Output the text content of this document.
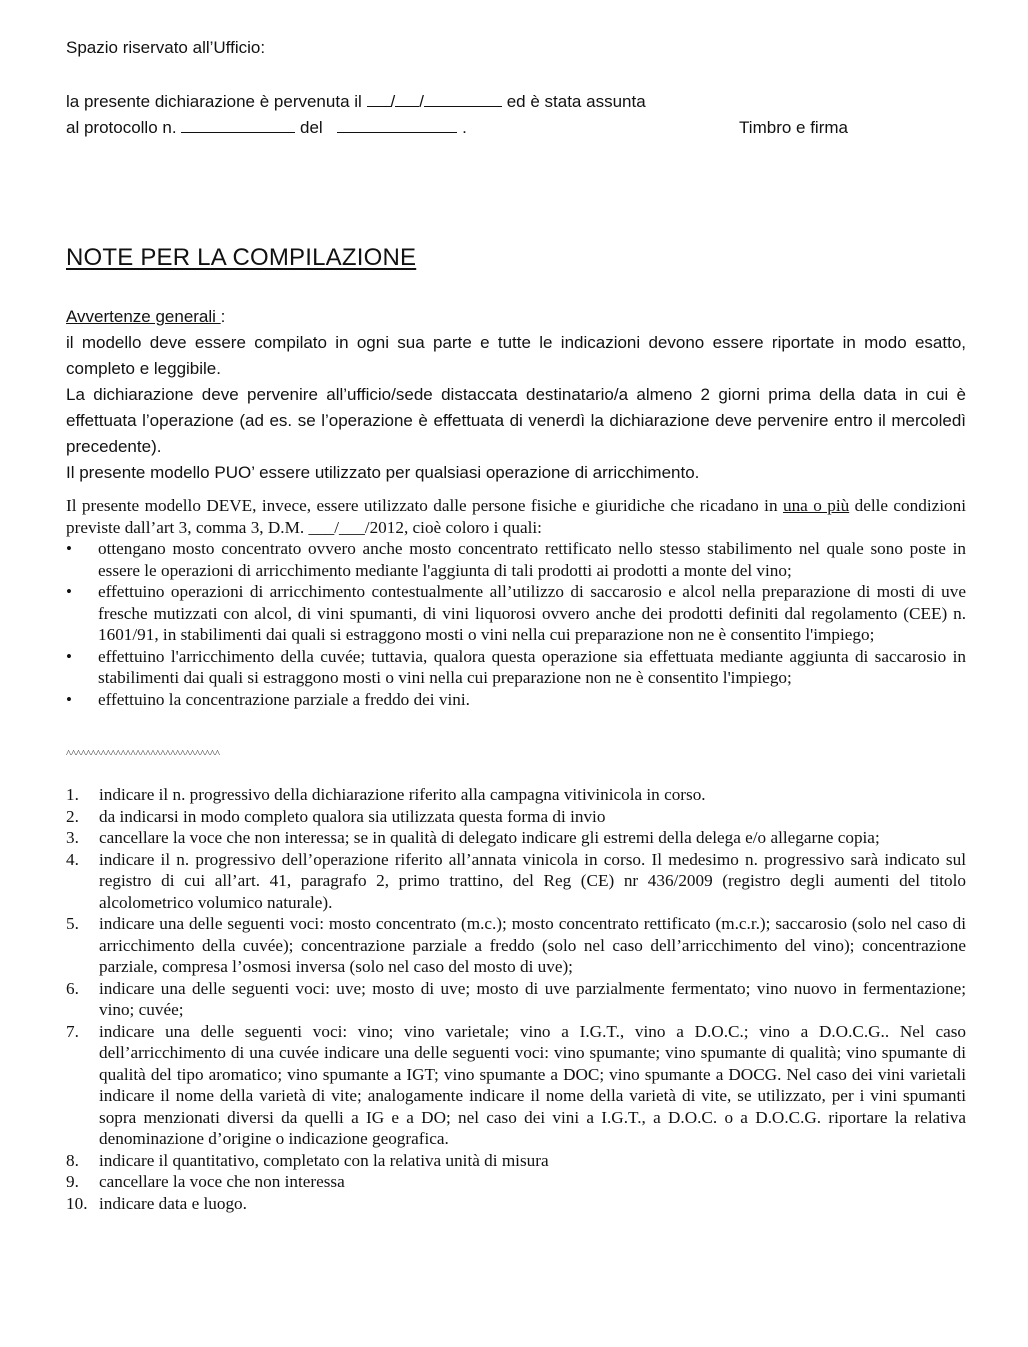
Spazio riservato all’Ufficio:
la presente dichiarazione è pervenuta il / /	ed è stata assunta
al protocollo n.	del	.	Timbro e firma
NOTE PER LA COMPILAZIONE

Avvertenze generali :

il modello deve essere compilato in ogni sua parte e tutte le indicazioni devono essere riportate in modo esatto, completo e leggibile.

La dichiarazione deve pervenire all’ufficio/sede distaccata destinatario/a almeno 2 giorni prima della data in cui è effettuata l’operazione (ad es. se l’operazione è effettuata di venerdì la dichiarazione deve pervenire entro il mercoledì precedente).

Il presente modello PUO’ essere utilizzato per qualsiasi operazione di arricchimento.

Il presente modello DEVE, invece, essere utilizzato dalle persone fisiche e giuridiche che ricadano in una o più delle condizioni previste dall’art 3, comma 3, D.M. ___/___/2012, cioè coloro i quali:

• ottengano mosto concentrato ovvero anche mosto concentrato rettificato nello stesso stabilimento nel quale sono poste in essere le operazioni di arricchimento mediante l'aggiunta di tali prodotti ai prodotti a monte del vino;
• effettuino operazioni di arricchimento contestualmente all’utilizzo di saccarosio e alcol nella preparazione di mosti di uve fresche mutizzati con alcol, di vini spumanti, di vini liquorosi ovvero anche dei prodotti definiti dal regolamento (CEE) n. 1601/91, in stabilimenti dai quali si estraggono mosti o vini nella cui preparazione non ne è consentito l'impiego;
• effettuino l'arricchimento della cuvée; tuttavia, qualora questa operazione sia effettuata mediante aggiunta di saccarosio in stabilimenti dai quali si estraggono mosti o vini nella cui preparazione non ne è consentito l'impiego;
• effettuino la concentrazione parziale a freddo dei vini.
^^^^^^^^^^^^^^^^^^^^^^^^^^^^^^^
1. indicare il n. progressivo della dichiarazione riferito alla campagna vitivinicola in corso.
2. da indicarsi in modo completo qualora sia utilizzata questa forma di invio
3. cancellare la voce che non interessa; se in qualità di delegato indicare gli estremi della delega e/o allegarne copia;
4. indicare il n. progressivo dell’operazione riferito all’annata vinicola in corso. Il medesimo n. progressivo sarà indicato sul registro di cui all’art. 41, paragrafo 2, primo trattino, del Reg (CE) nr 436/2009 (registro degli aumenti del titolo alcolometrico volumico naturale).
5. indicare una delle seguenti voci: mosto concentrato (m.c.); mosto concentrato rettificato (m.c.r.); saccarosio (solo nel caso di arricchimento della cuvée); concentrazione parziale a freddo (solo nel caso dell’arricchimento del vino); concentrazione parziale, compresa l’osmosi inversa (solo nel caso del mosto di uve);
6. indicare una delle seguenti voci: uve; mosto di uve; mosto di uve parzialmente fermentato; vino nuovo in fermentazione; vino; cuvée;
7. indicare una delle seguenti voci: vino; vino varietale; vino a I.G.T., vino a D.O.C.; vino a D.O.C.G.. Nel caso dell’arricchimento di una cuvée indicare una delle seguenti voci: vino spumante; vino spumante di qualità; vino spumante di qualità del tipo aromatico; vino spumante a IGT; vino spumante a DOC; vino spumante a DOCG. Nel caso dei vini varietali indicare il nome della varietà di vite; analogamente indicare il nome della varietà di vite, se utilizzato, per i vini spumanti sopra menzionati diversi da quelli a IG e a DO; nel caso dei vini a I.G.T., a D.O.C. o a D.O.C.G. riportare la relativa denominazione d’origine o indicazione geografica.
8. indicare il quantitativo, completato con la relativa unità di misura
9. cancellare la voce che non interessa
10. indicare data e luogo.
